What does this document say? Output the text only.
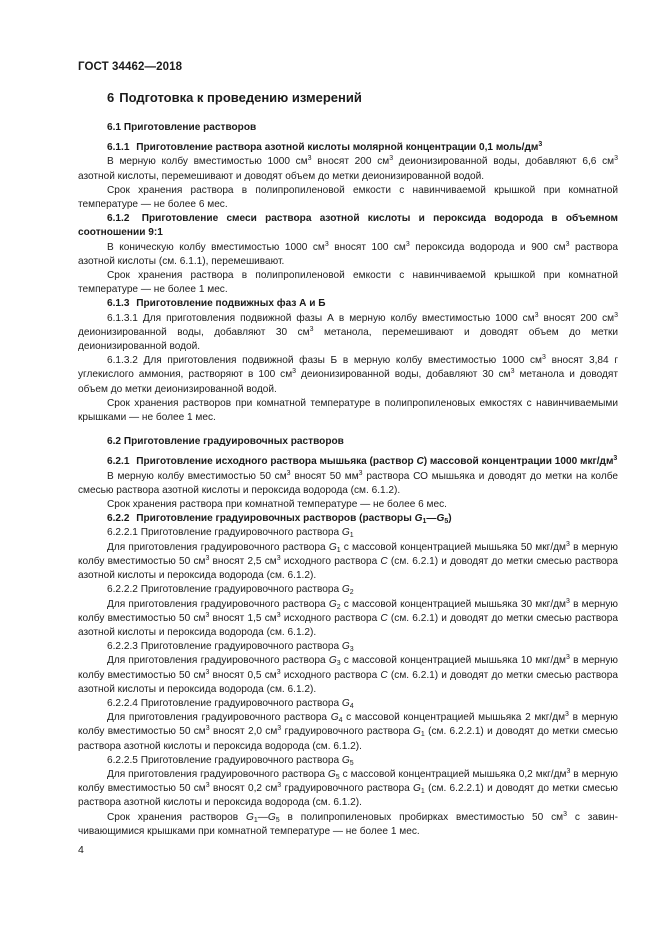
ГОСТ 34462—2018
6 Подготовка к проведению измерений
6.1 Приготовление растворов
6.1.1 Приготовление раствора азотной кислоты молярной концентрации 0,1 моль/$дм^3$

В мерную колбу вместимостью 1000 $см^3$ вносят 200 $см^3$ деионизированной воды, добавляют 6,6 $см^3$ азотной кислоты, перемешивают и доводят объем до метки деионизированной водой.

Срок хранения раствора в полипропиленовой емкости с навинчиваемой крышкой при комнатной температуре — не более 6 мес.

6.1.2 Приготовление смеси раствора азотной кислоты и пероксида водорода в объемном соотношении 9:1

В коническую колбу вместимостью 1000 $см^3$ вносят 100 $см^3$ пероксида водорода и 900 $см^3$ раствора азотной кислоты (см. 6.1.1), перемешивают.

Срок хранения раствора в полипропиленовой емкости с навинчиваемой крышкой при комнатной температуре — не более 1 мес.

6.1.3 Приготовление подвижных фаз А и Б

6.1.3.1 Для приготовления подвижной фазы А в мерную колбу вместимостью 1000 $см^3$ вносят 200 $см^3$ деионизированной воды, добавляют 30 $см^3$ метанола, перемешивают и доводят объем до метки деионизированной водой.

6.1.3.2 Для приготовления подвижной фазы Б в мерную колбу вместимостью 1000 $см^3$ вносят 3,84 г углекислого аммония, растворяют в 100 $см^3$ деионизированной воды, добавляют 30 $см^3$ метанола и доводят объем до метки деионизированной водой.

Срок хранения растворов при комнатной температуре в полипропиленовых емкостях с навинчиваемыми крышками — не более 1 мес.

6.2 Приготовление градуировочных растворов
6.2.1 Приготовление исходного раствора мышьяка (раствор C) массовой концентрации 1000 мкг/$дм^3$

В мерную колбу вместимостью 50 $см^3$ вносят 50 $мм^3$ раствора СО мышьяка и доводят до метки на колбе смесью раствора азотной кислоты и пероксида водорода (см. 6.1.2).

Срок хранения раствора при комнатной температуре — не более 6 мес.

6.2.2 Приготовление градуировочных растворов (растворы $G_1—G_5$)

6.2.2.1 Приготовление градуировочного раствора $G_1$

Для приготовления градуировочного раствора $G_1$ с массовой концентрацией мышьяка 50 мкг/$дм^3$ в мерную колбу вместимостью 50 $см^3$ вносят 2,5 $см^3$ исходного раствора C (см. 6.2.1) и доводят до метки смесью раствора азотной кислоты и пероксида водорода (см. 6.1.2).

6.2.2.2 Приготовление градуировочного раствора $G_2$

Для приготовления градуировочного раствора $G_2$ с массовой концентрацией мышьяка 30 мкг/$дм^3$ в мерную колбу вместимостью 50 $см^3$ вносят 1,5 $см^3$ исходного раствора C (см. 6.2.1) и доводят до метки смесью раствора азотной кислоты и пероксида водорода (см. 6.1.2).

6.2.2.3 Приготовление градуировочного раствора $G_3$

Для приготовления градуировочного раствора $G_3$ с массовой концентрацией мышьяка 10 мкг/$дм^3$ в мерную колбу вместимостью 50 $см^3$ вносят 0,5 $см^3$ исходного раствора C (см. 6.2.1) и доводят до метки смесью раствора азотной кислоты и пероксида водорода (см. 6.1.2).

6.2.2.4 Приготовление градуировочного раствора $G_4$

Для приготовления градуировочного раствора $G_4$ с массовой концентрацией мышьяка 2 мкг/$дм^3$ в мерную колбу вместимостью 50 $см^3$ вносят 2,0 $см^3$ градуировочного раствора $G_1$ (см. 6.2.2.1) и доводят до метки смесью раствора азотной кислоты и пероксида водорода (см. 6.1.2).

6.2.2.5 Приготовление градуировочного раствора $G_5$

Для приготовления градуировочного раствора $G_5$ с массовой концентрацией мышьяка 0,2 мкг/$дм^3$ в мерную колбу вместимостью 50 $см^3$ вносят 0,2 $см^3$ градуировочного раствора $G_1$ (см. 6.2.2.1) и доводят до метки смесью раствора азотной кислоты и пероксида водорода (см. 6.1.2).

Срок хранения растворов $G_1—G_5$ в полипропиленовых пробирках вместимостью 50 $см^3$ с завинчивающимися крышками при комнатной температуре — не более 1 мес.

4
